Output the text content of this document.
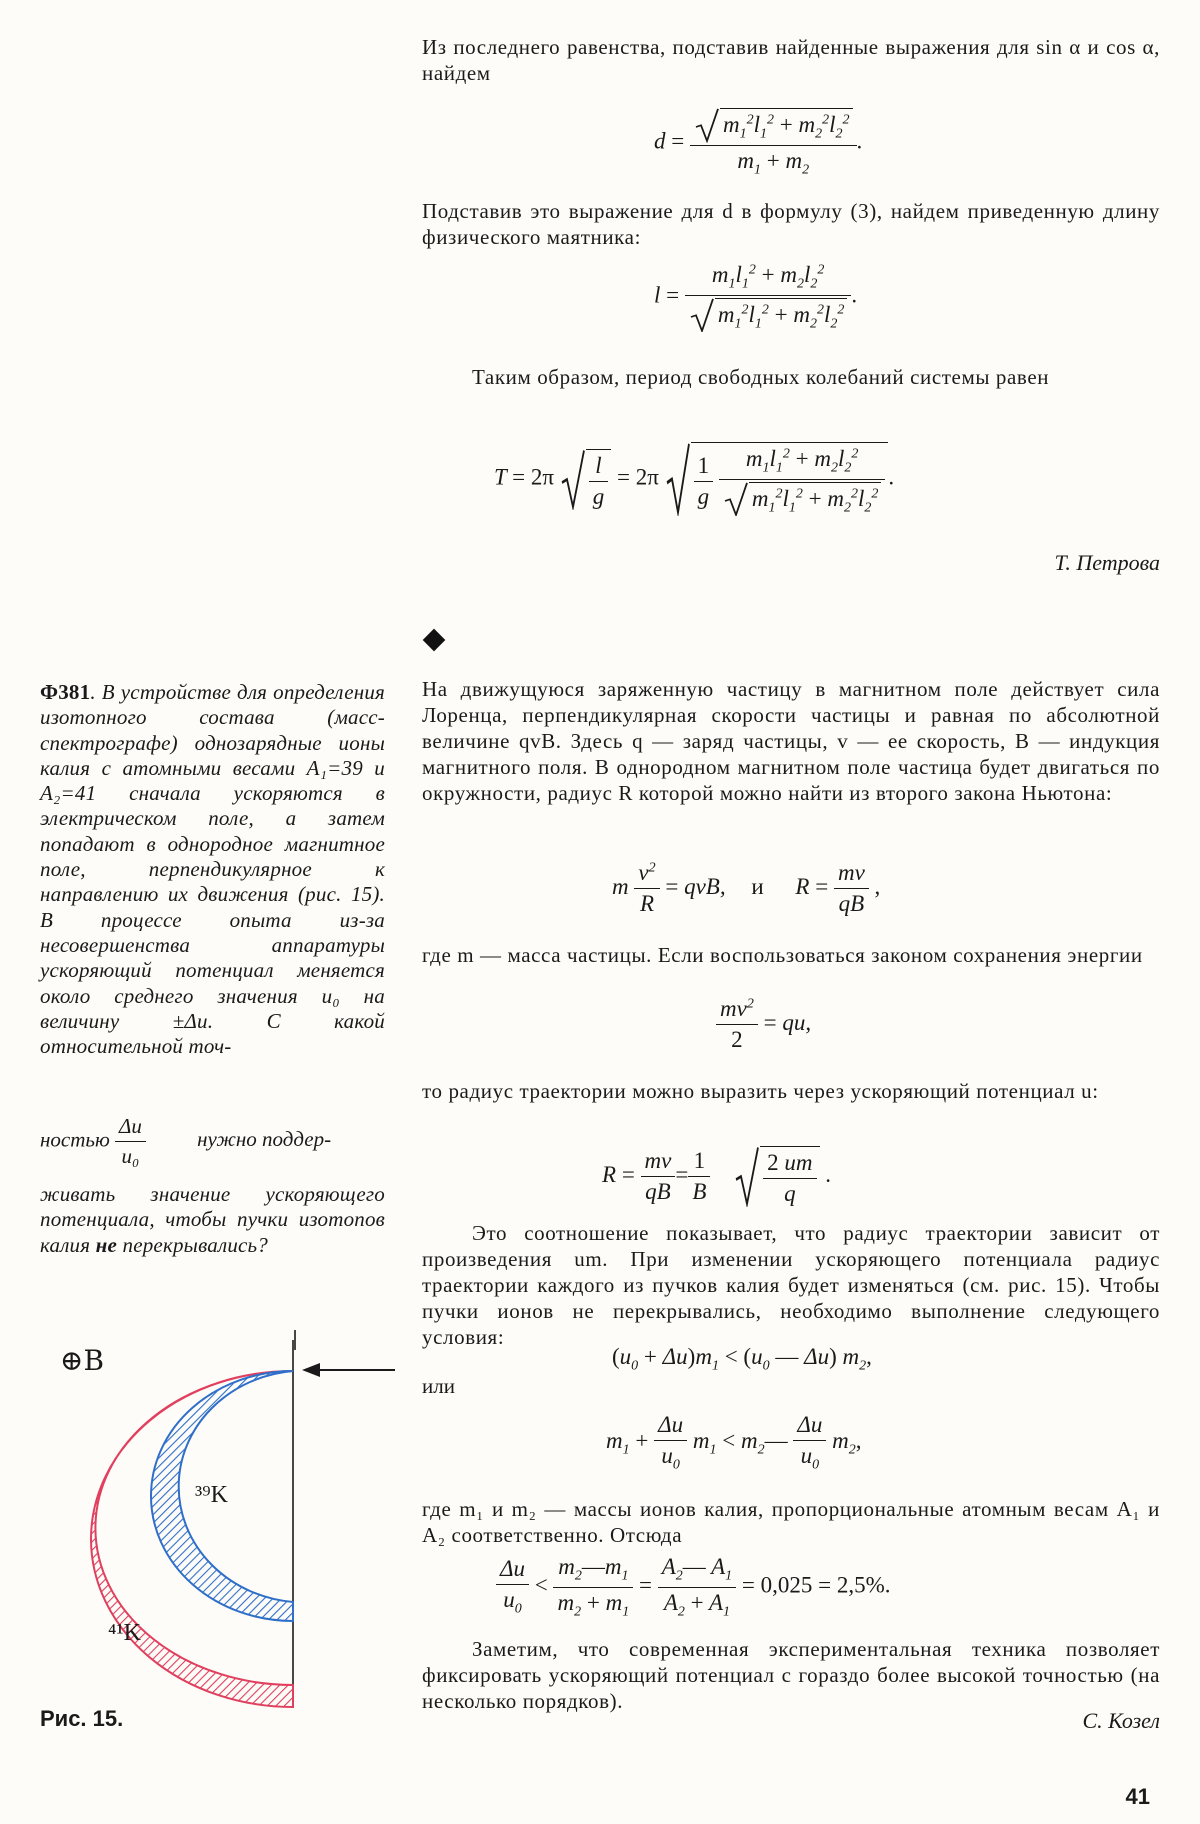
Из последнего равенства, подставив найденные выражения для sin α и cos α, найдем

$d = \frac{m_1^2l_1^2 + m_2^2l_2^2}{m_1 + m_2}$ .

Подставив это выражение для d в формулу (3), найдем приведенную длину физического маятника:

$l = \frac{m_1l_1^2 + m_2l_2^2}{m_1^2l_1^2 + m_2^2l_2^2}$ .

Таким образом, период свободных колебаний системы равен

$T = 2\pi \frac{l}{g} = 2\pi \frac{1}{g}$
$\frac{m_1l_1^2 + m_2l_2^2}{m_1^2l_1^2 + m_2^2l_2^2}$ .
Т. Петрова
Ф381. В устройстве для определения изотопного состава (масс-спектрографе) однозарядные ионы калия с атомными весами A₁=39 и A₂=41 сначала ускоряются в электрическом поле, а затем попадают в однородное магнитное поле, перпендикулярное к направлению их движения (рис. 15). В процессе опыта из-за несовершенства аппаратуры ускоряющий потенциал меняется около среднего значения u₀ на величину ±Δu. С какой относительной точ-
ностью $\frac{\Delta u}{\text{u₀}}$ нужно поддер-
живать значение ускоряющего потенциала, чтобы пучки изотопов калия не перекрывались?
⊕B
³⁹K
⁴¹K
Рис. 15.

На движущуюся заряженную частицу в магнитном поле действует сила Лоренца, перпендикулярная скорости частицы и равная по абсолютной величине qvB. Здесь q — заряд частицы, v — ее скорость, B — индукция магнитного поля. В однородном магнитном поле частица будет двигаться по окружности, радиус R которой можно найти из второго закона Ньютона:

m $\frac{v^2}{R}$ = qvB, и $R = \frac{mv}{qB}$ ,

где m — масса частицы. Если воспользоваться законом сохранения энергии

$\frac{mv^2}{2}$ = qu,

то радиус траектории можно выразить через ускоряющий потенциал u:

$R = \frac{mv}{qB} = \frac{1}{B}$
$\frac{2 um}{q}$ .

Это соотношение показывает, что радиус траектории зависит от произведения um. При изменении ускоряющего потенциала радиус траектории каждого из пучков калия будет изменяться (см. рис. 15). Чтобы пучки ионов не перекрывались, необходимо выполнение следующего условия:

$(u_0 + \Delta u)m_1 < (u_0$ — Δu) $m_2$,
или
$m_1 + \frac{\Delta u}{u_0} m_1$ < $m_2— \frac{\Delta u}{u_0} m_2$,

где m₁ и m₂ — массы ионов калия, пропорциональные атомным весам A₁ и A₂ соответственно. Отсюда

$\frac{\Delta u}{u_0} < \frac{m_2—m_1}{m_2 + m_1} = \frac{A_2— A_1}{A_2 + A_1} = 0,025 = 2,5\%$.

Заметим, что современная экспериментальная техника позволяет фиксировать ускоряющий потенциал с гораздо более высокой точностью (на несколько порядков).

С. Козел
41
